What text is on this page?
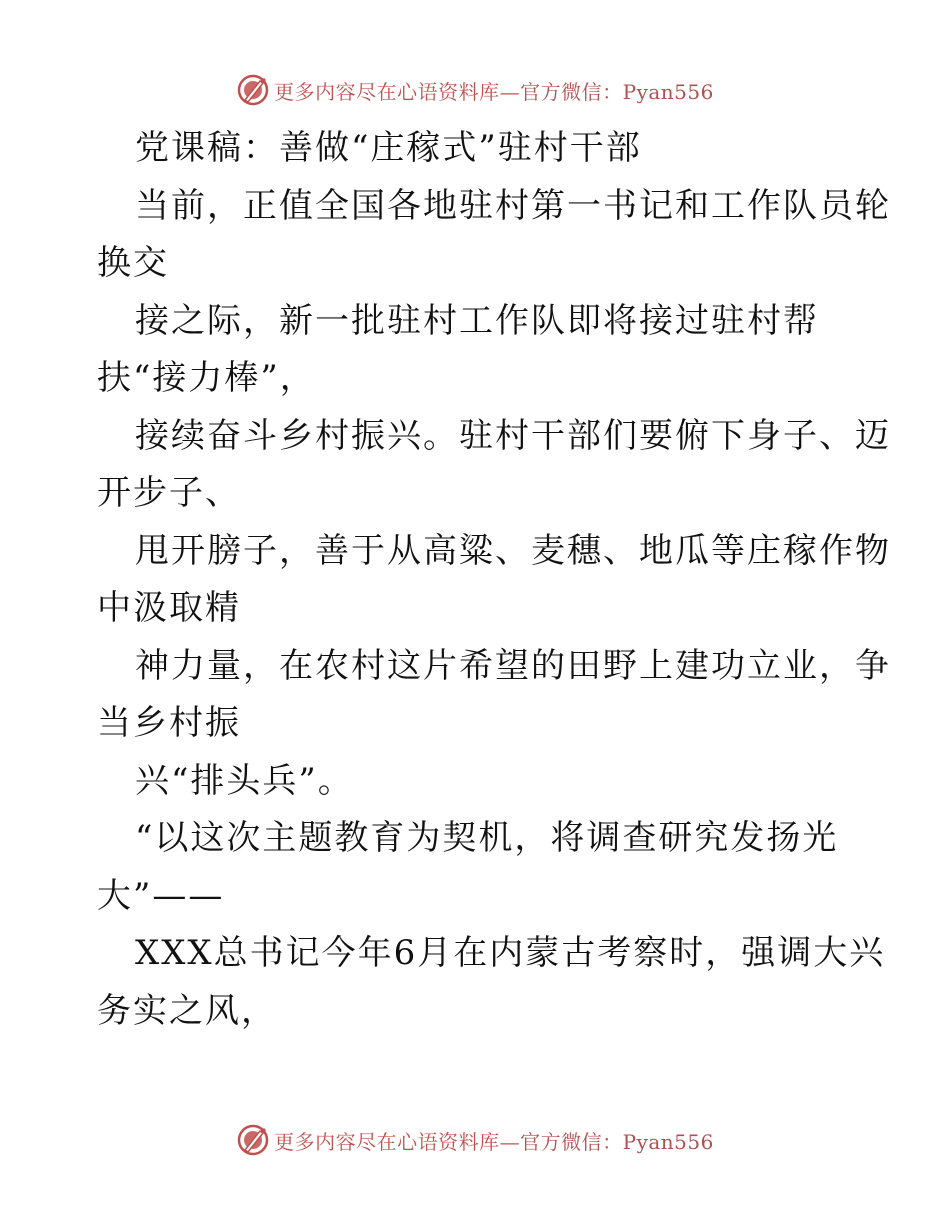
更多内容尽在心语资料库—官方微信：Pyan556
党课稿：善做“庄稼式”驻村干部
当前，正值全国各地驻村第一书记和工作队员轮
换交
接之际，新一批驻村工作队即将接过驻村帮
扶“接力棒”，
接续奋斗乡村振兴。驻村干部们要俯下身子、迈
开步子、
甩开膀子，善于从高粱、麦穗、地瓜等庄稼作物
中汲取精
神力量，在农村这片希望的田野上建功立业，争
当乡村振
兴“排头兵”。
“以这次主题教育为契机，将调查研究发扬光
大”——
XXX总书记今年6月在内蒙古考察时，强调大兴
务实之风，
更多内容尽在心语资料库—官方微信：Pyan556
